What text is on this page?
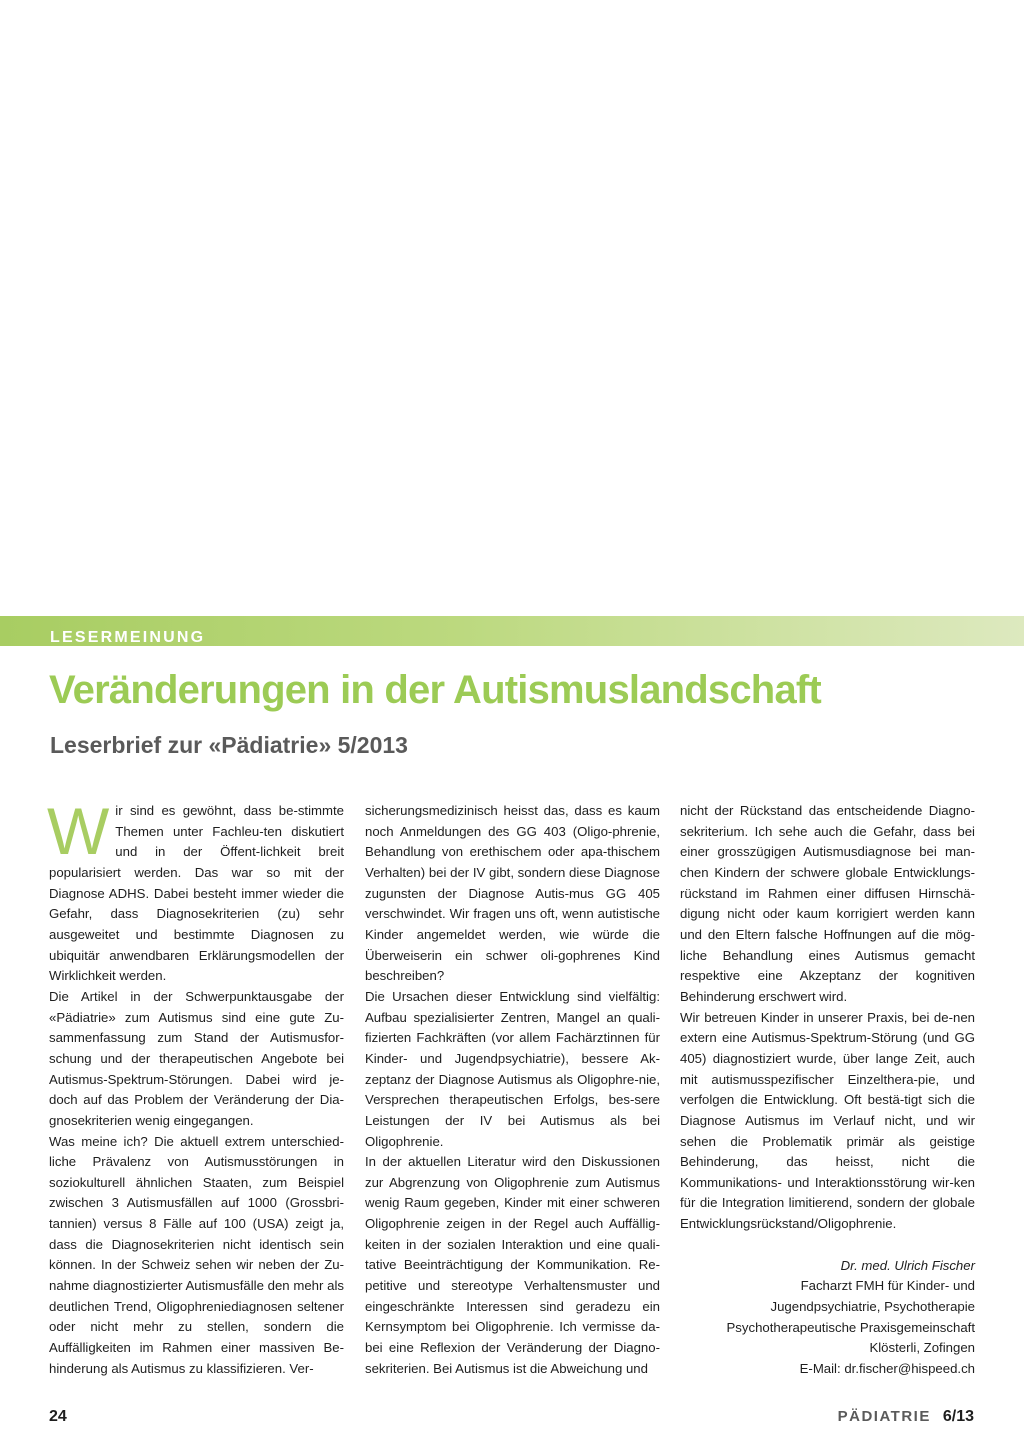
LESERMEINUNG
Veränderungen in der Autismuslandschaft
Leserbrief zur «Pädiatrie» 5/2013
W ir sind es gewöhnt, dass be-stimmte Themen unter Fachleu-ten diskutiert und in der Öffent-lichkeit breit popularisiert werden. Das war so mit der Diagnose ADHS. Dabei besteht immer wieder die Gefahr, dass Diagnosekriterien (zu) sehr ausgeweitet und bestimmte Diagnosen zu ubiquitär anwendbaren Erklärungsmodellen der Wirklichkeit werden.

Die Artikel in der Schwerpunktausgabe der «Pädiatrie» zum Autismus sind eine gute Zu-sammenfassung zum Stand der Autismusfor-schung und der therapeutischen Angebote bei Autismus-Spektrum-Störungen. Dabei wird je-doch auf das Problem der Veränderung der Dia-gnosekriterien wenig eingegangen.

Was meine ich? Die aktuell extrem unterschied-liche Prävalenz von Autismusstörungen in soziokulturell ähnlichen Staaten, zum Beispiel zwischen 3 Autismusfällen auf 1000 (Grossbri-tannien) versus 8 Fälle auf 100 (USA) zeigt ja, dass die Diagnosekriterien nicht identisch sein können. In der Schweiz sehen wir neben der Zu-nahme diagnostizierter Autismusfälle den mehr als deutlichen Trend, Oligophreniediagnosen seltener oder nicht mehr zu stellen, sondern die Auffälligkeiten im Rahmen einer massiven Be-hinderung als Autismus zu klassifizieren. Ver-

sicherungsmedizinisch heisst das, dass es kaum noch Anmeldungen des GG 403 (Oligo-phrenie, Behandlung von erethischem oder apa-thischem Verhalten) bei der IV gibt, sondern diese Diagnose zugunsten der Diagnose Autis-mus GG 405 verschwindet. Wir fragen uns oft, wenn autistische Kinder angemeldet werden, wie würde die Überweiserin ein schwer oli-gophrenes Kind beschreiben?

Die Ursachen dieser Entwicklung sind vielfältig: Aufbau spezialisierter Zentren, Mangel an quali-fizierten Fachkräften (vor allem Fachärztinnen für Kinder- und Jugendpsychiatrie), bessere Ak-zeptanz der Diagnose Autismus als Oligophre-nie, Versprechen therapeutischen Erfolgs, bes-sere Leistungen der IV bei Autismus als bei Oligophrenie.

In der aktuellen Literatur wird den Diskussionen zur Abgrenzung von Oligophrenie zum Autismus wenig Raum gegeben, Kinder mit einer schweren Oligophrenie zeigen in der Regel auch Auffällig-keiten in der sozialen Interaktion und eine quali-tative Beeinträchtigung der Kommunikation. Re-petitive und stereotype Verhaltensmuster und eingeschränkte Interessen sind geradezu ein Kernsymptom bei Oligophrenie. Ich vermisse da-bei eine Reflexion der Veränderung der Diagno-sekriterien. Bei Autismus ist die Abweichung und

nicht der Rückstand das entscheidende Diagno-sekriterium. Ich sehe auch die Gefahr, dass bei einer grosszügigen Autismusdiagnose bei man-chen Kindern der schwere globale Entwicklungs-rückstand im Rahmen einer diffusen Hirnschä-digung nicht oder kaum korrigiert werden kann und den Eltern falsche Hoffnungen auf die mög-liche Behandlung eines Autismus gemacht respektive eine Akzeptanz der kognitiven Behinderung erschwert wird.

Wir betreuen Kinder in unserer Praxis, bei de-nen extern eine Autismus-Spektrum-Störung (und GG 405) diagnostiziert wurde, über lange Zeit, auch mit autismusspezifischer Einzelthera-pie, und verfolgen die Entwicklung. Oft bestä-tigt sich die Diagnose Autismus im Verlauf nicht, und wir sehen die Problematik primär als geistige Behinderung, das heisst, nicht die Kommunikations- und Interaktionsstörung wir-ken für die Integration limitierend, sondern der globale Entwicklungsrückstand/Oligophrenie.

Dr. med. Ulrich Fischer
Facharzt FMH für Kinder- und
Jugendpsychiatrie, Psychotherapie
Psychotherapeutische Praxisgemeinschaft
Klösterli, Zofingen
E-Mail: dr.fischer@hispeed.ch
24	PÄDIATRIE 6/13
